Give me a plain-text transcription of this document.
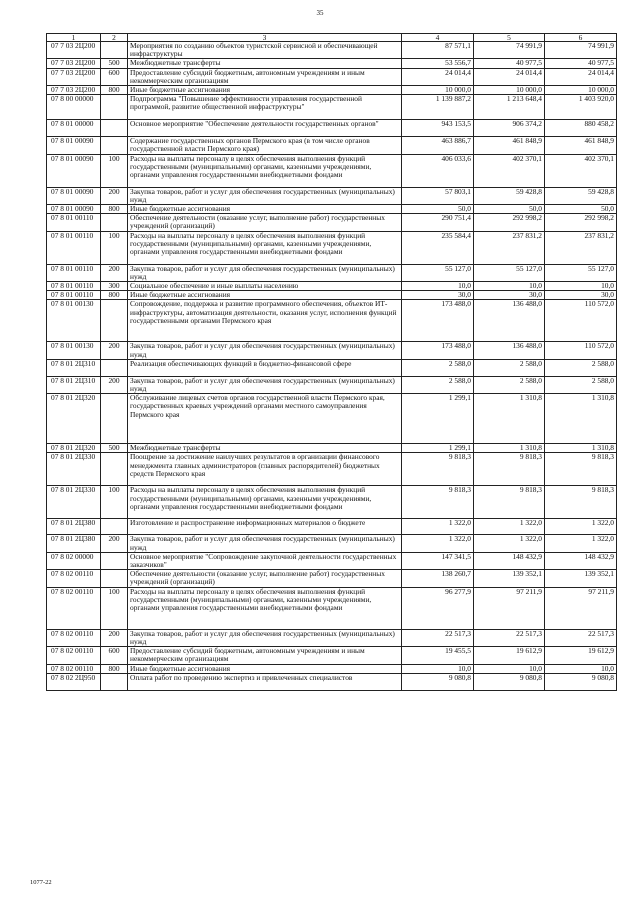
35
1	2	3	4	5	6
07 7 03 2Ц200		Мероприятия по созданию объектов туристской сервисной и обеспечивающей инфраструктуры	87 571,1	74 991,9	74 991,9
07 7 03 2Ц200	500	Межбюджетные трансферты	53 556,7	40 977,5	40 977,5
07 7 03 2Ц200	600	Предоставление субсидий бюджетным, автономным учреждениям и иным некоммерческим организациям	24 014,4	24 014,4	24 014,4
07 7 03 2Ц200	800	Иные бюджетные ассигнования	10 000,0	10 000,0	10 000,0
07 8 00 00000		Подпрограмма "Повышение эффективности управления государственной программой, развитие общественной инфраструктуры"	1 139 887,2	1 213 648,4	1 403 920,0
07 8 01 00000		Основное мероприятие "Обеспечение деятельности государственных органов"	943 153,5	906 374,2	880 458,2
07 8 01 00090		Содержание государственных органов Пермского края (в том числе органов государственной власти Пермского края)	463 886,7	461 848,9	461 848,9
07 8 01 00090	100	Расходы на выплаты персоналу в целях обеспечения выполнения функций государственными (муниципальными) органами, казенными учреждениями, органами управления государственными внебюджетными фондами	406 033,6	402 370,1	402 370,1
07 8 01 00090	200	Закупка товаров, работ и услуг для обеспечения государственных (муниципальных) нужд	57 803,1	59 428,8	59 428,8
07 8 01 00090	800	Иные бюджетные ассигнования	50,0	50,0	50,0
07 8 01 00110		Обеспечение деятельности (оказание услуг, выполнение работ) государственных учреждений (организаций)	290 751,4	292 998,2	292 998,2
07 8 01 00110	100	Расходы на выплаты персоналу в целях обеспечения выполнения функций государственными (муниципальными) органами, казенными учреждениями, органами управления государственными внебюджетными фондами	235 584,4	237 831,2	237 831,2
07 8 01 00110	200	Закупка товаров, работ и услуг для обеспечения государственных (муниципальных) нужд	55 127,0	55 127,0	55 127,0
07 8 01 00110	300	Социальное обеспечение и иные выплаты населению	10,0	10,0	10,0
07 8 01 00110	800	Иные бюджетные ассигнования	30,0	30,0	30,0
07 8 01 00130		Сопровождение, поддержка и развитие программного обеспечения, объектов ИТ-инфраструктуры, автоматизация деятельности, оказания услуг, исполнения функций государственными органами Пермского края	173 488,0	136 488,0	110 572,0
07 8 01 00130	200	Закупка товаров, работ и услуг для обеспечения государственных (муниципальных) нужд	173 488,0	136 488,0	110 572,0
07 8 01 2Ц310		Реализация обеспечивающих функций в бюджетно-финансовой сфере	2 588,0	2 588,0	2 588,0
07 8 01 2Ц310	200	Закупка товаров, работ и услуг для обеспечения государственных (муниципальных) нужд	2 588,0	2 588,0	2 588,0
07 8 01 2Ц320		Обслуживание лицевых счетов органов государственной власти Пермского края, государственных краевых учреждений органами местного самоуправления Пермского края	1 299,1	1 310,8	1 310,8
07 8 01 2Ц320	500	Межбюджетные трансферты	1 299,1	1 310,8	1 310,8
07 8 01 2Ц330		Поощрение за достижение наилучших результатов в организации финансового менеджмента главных администраторов (главных распорядителей) бюджетных средств Пермского края	9 818,3	9 818,3	9 818,3
07 8 01 2Ц330	100	Расходы на выплаты персоналу в целях обеспечения выполнения функций государственными (муниципальными) органами, казенными учреждениями, органами управления государственными внебюджетными фондами	9 818,3	9 818,3	9 818,3
07 8 01 2Ц380		Изготовление и распространение информационных материалов о бюджете	1 322,0	1 322,0	1 322,0
07 8 01 2Ц380	200	Закупка товаров, работ и услуг для обеспечения государственных (муниципальных) нужд	1 322,0	1 322,0	1 322,0
07 8 02 00000		Основное мероприятие "Сопровождение закупочной деятельности государственных заказчиков"	147 341,5	148 432,9	148 432,9
07 8 02 00110		Обеспечение деятельности (оказание услуг, выполнение работ) государственных учреждений (организаций)	138 260,7	139 352,1	139 352,1
07 8 02 00110	100	Расходы на выплаты персоналу в целях обеспечения выполнения функций государственными (муниципальными) органами, казенными учреждениями, органами управления государственными внебюджетными фондами	96 277,9	97 211,9	97 211,9
07 8 02 00110	200	Закупка товаров, работ и услуг для обеспечения государственных (муниципальных) нужд	22 517,3	22 517,3	22 517,3
07 8 02 00110	600	Предоставление субсидий бюджетным, автономным учреждениям и иным некоммерческим организациям	19 455,5	19 612,9	19 612,9
07 8 02 00110	800	Иные бюджетные ассигнования	10,0	10,0	10,0
07 8 02 2Ц950		Оплата работ по проведению экспертиз и привлеченных специалистов	9 080,8	9 080,8	9 080,8
1077-22
